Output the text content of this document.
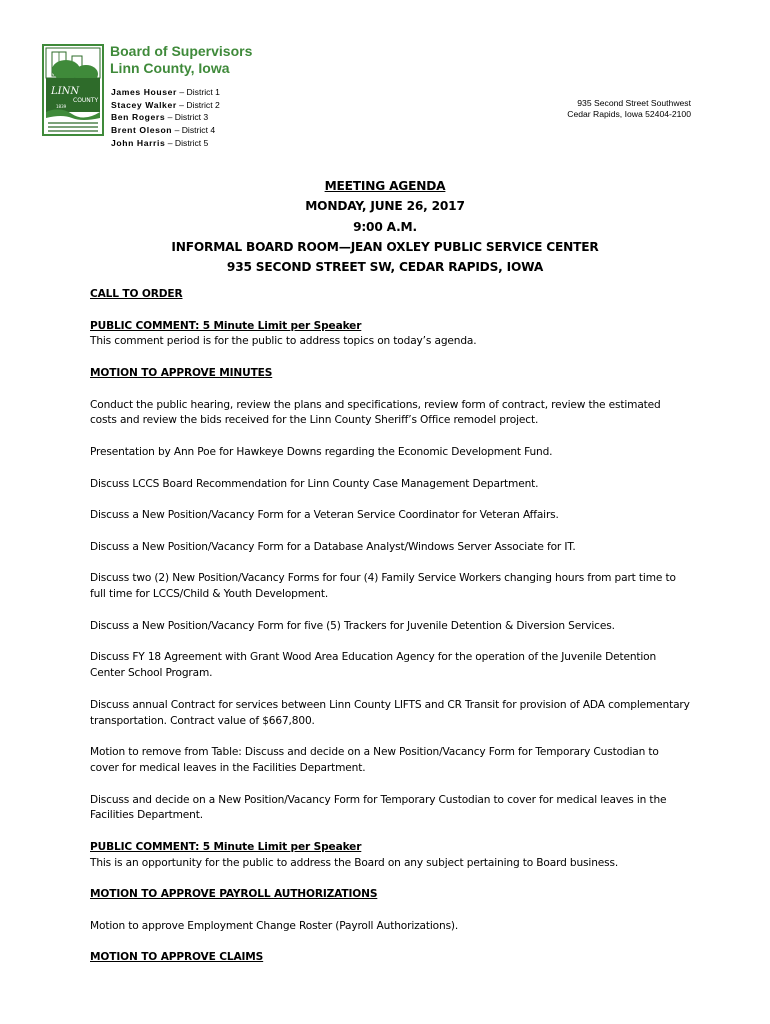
LINN
COUNTY
1839
Board of Supervisors
Linn County, Iowa
James Houser – District 1
Stacey Walker – District 2
Ben Rogers – District 3
Brent Oleson – District 4
John Harris – District 5
935 Second Street Southwest
Cedar Rapids, Iowa 52404-2100
MEETING AGENDA
MONDAY, JUNE 26, 2017
9:00 A.M.
INFORMAL BOARD ROOM—JEAN OXLEY PUBLIC SERVICE CENTER
935 SECOND STREET SW, CEDAR RAPIDS, IOWA

CALL TO ORDER

PUBLIC COMMENT: 5 Minute Limit per Speaker

This comment period is for the public to address topics on today’s agenda.

MOTION TO APPROVE MINUTES

Conduct the public hearing, review the plans and specifications, review form of contract, review the estimated costs and review the bids received for the Linn County Sheriff’s Office remodel project.

Presentation by Ann Poe for Hawkeye Downs regarding the Economic Development Fund.

Discuss LCCS Board Recommendation for Linn County Case Management Department.

Discuss a New Position/Vacancy Form for a Veteran Service Coordinator for Veteran Affairs.

Discuss a New Position/Vacancy Form for a Database Analyst/Windows Server Associate for IT.

Discuss two (2) New Position/Vacancy Forms for four (4) Family Service Workers changing hours from part time to full time for LCCS/Child & Youth Development.

Discuss a New Position/Vacancy Form for five (5) Trackers for Juvenile Detention & Diversion Services.

Discuss FY 18 Agreement with Grant Wood Area Education Agency for the operation of the Juvenile Detention Center School Program.

Discuss annual Contract for services between Linn County LIFTS and CR Transit for provision of ADA complementary transportation. Contract value of $667,800.

Motion to remove from Table: Discuss and decide on a New Position/Vacancy Form for Temporary Custodian to cover for medical leaves in the Facilities Department.

Discuss and decide on a New Position/Vacancy Form for Temporary Custodian to cover for medical leaves in the Facilities Department.

PUBLIC COMMENT: 5 Minute Limit per Speaker

This is an opportunity for the public to address the Board on any subject pertaining to Board business.

MOTION TO APPROVE PAYROLL AUTHORIZATIONS

Motion to approve Employment Change Roster (Payroll Authorizations).

MOTION TO APPROVE CLAIMS
